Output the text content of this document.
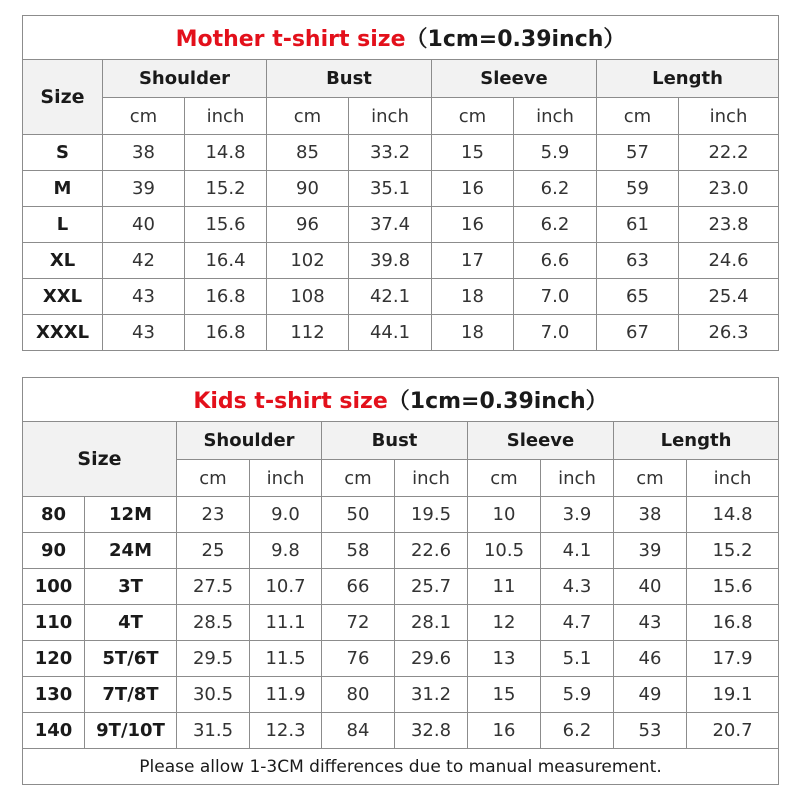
Mother t-shirt size（1cm=0.39inch）								
Size	Shoulder		Bust		Sleeve		Length	
	cm	inch	cm	inch	cm	inch	cm	inch
S	38	14.8	85	33.2	15	5.9	57	22.2
M	39	15.2	90	35.1	16	6.2	59	23.0
L	40	15.6	96	37.4	16	6.2	61	23.8
XL	42	16.4	102	39.8	17	6.6	63	24.6
XXL	43	16.8	108	42.1	18	7.0	65	25.4
XXXL	43	16.8	112	44.1	18	7.0	67	26.3
Kids t-shirt size（1cm=0.39inch）									
Size		Shoulder		Bust		Sleeve		Length	
		cm	inch	cm	inch	cm	inch	cm	inch
80	12M	23	9.0	50	19.5	10	3.9	38	14.8
90	24M	25	9.8	58	22.6	10.5	4.1	39	15.2
100	3T	27.5	10.7	66	25.7	11	4.3	40	15.6
110	4T	28.5	11.1	72	28.1	12	4.7	43	16.8
120	5T/6T	29.5	11.5	76	29.6	13	5.1	46	17.9
130	7T/8T	30.5	11.9	80	31.2	15	5.9	49	19.1
140	9T/10T	31.5	12.3	84	32.8	16	6.2	53	20.7
Please allow 1-3CM differences due to manual measurement.									
